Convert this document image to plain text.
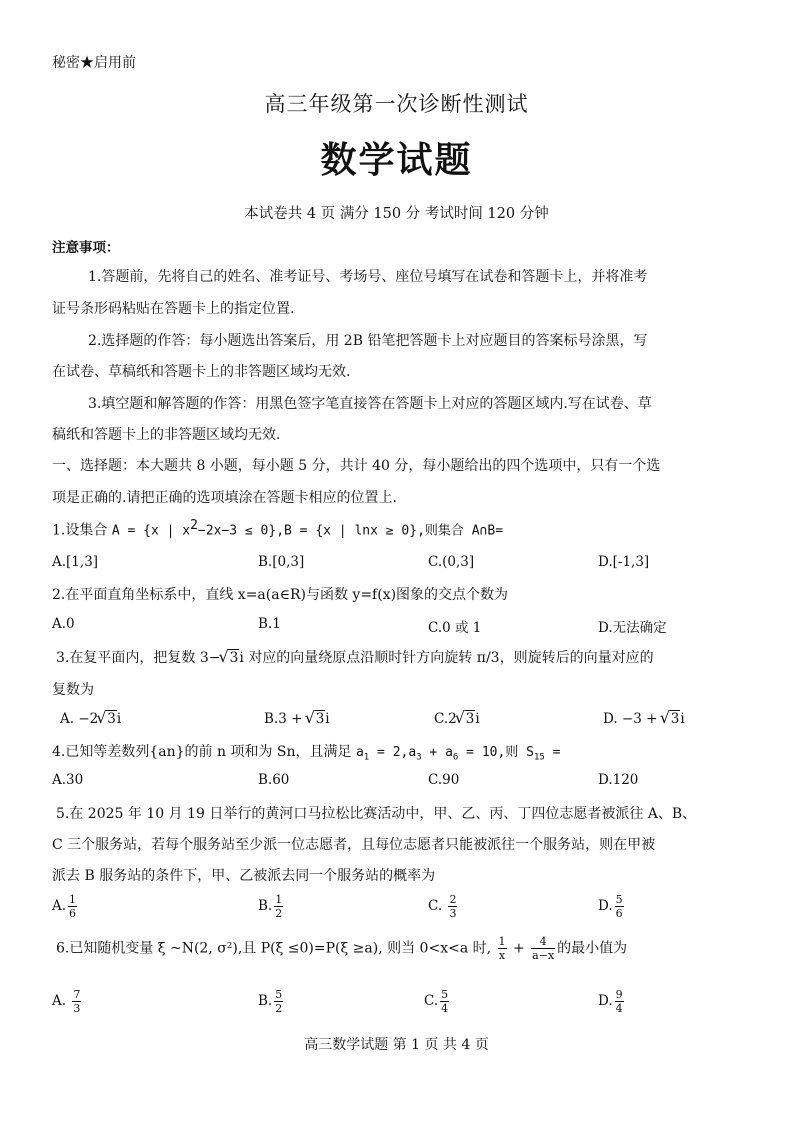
秘密★启用前
高三年级第一次诊断性测试
数学试题
本试卷共 4 页 满分 150 分 考试时间 120 分钟
注意事项：
1.答题前，先将自己的姓名、准考证号、考场号、座位号填写在试卷和答题卡上，并将准考
证号条形码粘贴在答题卡上的指定位置.
2.选择题的作答：每小题选出答案后，用 2B 铅笔把答题卡上对应题目的答案标号涂黑，写
在试卷、草稿纸和答题卡上的非答题区域均无效.
3.填空题和解答题的作答：用黑色签字笔直接答在答题卡上对应的答题区域内.写在试卷、草
稿纸和答题卡上的非答题区域均无效.
一、选择题：本大题共 8 小题，每小题 5 分，共计 40 分，每小题给出的四个选项中，只有一个选
项是正确的.请把正确的选项填涂在答题卡相应的位置上.
1.设集合 A = {x | $x^2-2x-3 \le 0\},B = \{x$ | lnx ≥ 0},则集合 A∩B=
A.[1,3]	B.[0,3]	C.(0,3]	D.[-1,3]
2.在平面直角坐标系中，直线 x=a(a∈R)与函数 y=f(x)图象的交点个数为
A.0	B.1	C.0 或 1	D.无法确定
3.在复平面内，把复数 3− √ 3i 对应的向量绕原点沿顺时针方向旋转 π/3，则旋转后的向量对应的
复数为
A. −2 √ 3i	B.3 + √ 3i	C.2 √ 3i	D. −3 + √ 3i
4.已知等差数列{an}的前 n 项和为 Sn，且满足 $a_1 = 2,a_3 + a_6 = 10$,则 $S_{15}$ =
A.30	B.60	C.90	D.120
5.在 2025 年 10 月 19 日举行的黄河口马拉松比赛活动中，甲、乙、丙、丁四位志愿者被派往 A、B、
C 三个服务站，若每个服务站至少派一位志愿者，且每位志愿者只能被派往一个服务站，则在甲被
派去 B 服务站的条件下，甲、乙被派去同一个服务站的概率为
A. $\frac{1}{6}$	B. $\frac{1}{2}$	C. $\frac{2}{3}$	D. $\frac{5}{6}$
6.已知随机变量 ξ ~N(2, σ²),且 P(ξ ≤0)=P(ξ ≥a), 则当 0<x<a 时, $\frac{1}{x} + \frac{4}{a-x}$ 的最小值为
A. $\frac{7}{3}$	B. $\frac{5}{2}$	C. $\frac{5}{4}$	D. $\frac{9}{4}$
高三数学试题 第 1 页 共 4 页
